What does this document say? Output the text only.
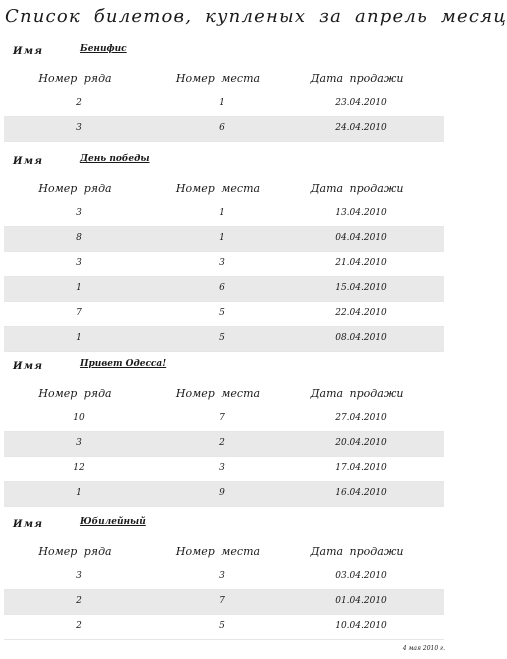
Список билетов, купленых за апрель месяц
Имя	Бенифис
Номер ряда	Номер места	Дата продажи
2	1	23.04.2010
3	6	24.04.2010
Имя	День победы
Номер ряда	Номер места	Дата продажи
3	1	13.04.2010
8	1	04.04.2010
3	3	21.04.2010
1	6	15.04.2010
7	5	22.04.2010
1	5	08.04.2010
Имя	Привет Одесса!
Номер ряда	Номер места	Дата продажи
10	7	27.04.2010
3	2	20.04.2010
12	3	17.04.2010
1	9	16.04.2010
Имя	Юбилейный
Номер ряда	Номер места	Дата продажи
3	3	03.04.2010
2	7	01.04.2010
2	5	10.04.2010
4 мая 2010 г.
